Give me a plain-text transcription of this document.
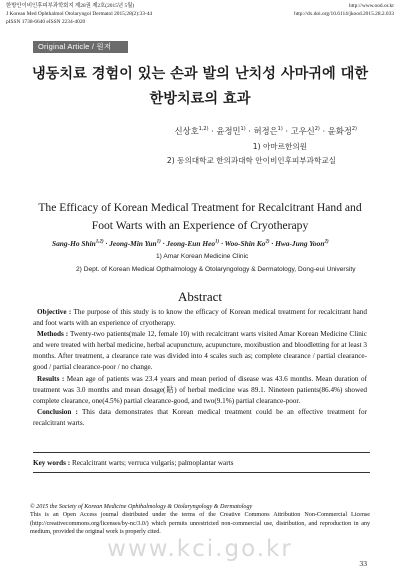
한방안이비인후피부과학회지 제28권 제2호(2015년 5월)	http://www.ood.or.kr
J Korean Med Ophthalmol Otolaryngol Dermatol 2015;28(2):33-44	http://dx.doi.org/10.6114/jkood.2015.28.2.033
pISSN 1738-6640 eISSN 2234-4020
Original Article / 원저
냉동치료 경험이 있는 손과 발의 난치성 사마귀에 대한
한방치료의 효과
신상호$^{1,2)}$ · 윤정민$^{1)}$ · 허정은$^{1)}$ · 고우신$^{2)}$ · 윤화정$^{2)}$
1) 아마르한의원
2) 동의대학교 한의과대학 안이비인후피부과학교실
The Efficacy of Korean Medical Treatment for Recalcitrant Hand and
Foot Warts with an Experience of Cryotherapy
Sang-Ho Shin$^{1,2)}$ · Jeong-Min Yun$^{1)}$ · Jeong-Eun Heo$^{1)}$ · Woo-Shin $Ko^{2)}$ · Hwa-Jung Yoon$^{2)}$
1) Amar Korean Medicine Clinic
2) Dept. of Korean Medical Opthalmology & Otolaryngology & Dermatology, Dong-eui University
Abstract

Objective : The purpose of this study is to know the efficacy of Korean medical treatment for recalcitrant hand and foot warts with an experience of cryotherapy.

Methods : Twenty-two patients(male 12, female 10) with recalcitrant warts visited Amar Korean Medicine Clinic and were treated with herbal medicine, herbal acupuncture, acupuncture, moxibustion and bloodletting for at least 3 months. After treatment, a clearance rate was divided into 4 scales such as; complete clearance / partial clearance-good / partial clearance-poor / no change.

Results : Mean age of patients was 23.4 years and mean period of disease was 43.6 months. Mean duration of treatment was 3.0 months and mean dosage(貼) of herbal medicine was 89.1. Nineteen patients(86.4%) showed complete clearance, one(4.5%) partial clearance-good, and two(9.1%) partial clearance-poor.

Conclusion : This data demonstrates that Korean medical treatment could be an effective treatment for recalcitrant warts.

Key words : Recalcitrant warts; verruca vulgaris; palmoplantar warts
© 2015 the Society of Korean Medicine Ophthalmology & Otolaryngology & Dermatology
This is an Open Access journal distributed under the terms of the Creative Commons Attribution Non-Commercial License (http://creativecommons.org/licenses/by-nc/3.0/) which permits unrestricted non-commercial use, distribution, and reproduction in any medium, provided the original work is properly cited.
www.kci.go.kr
33
